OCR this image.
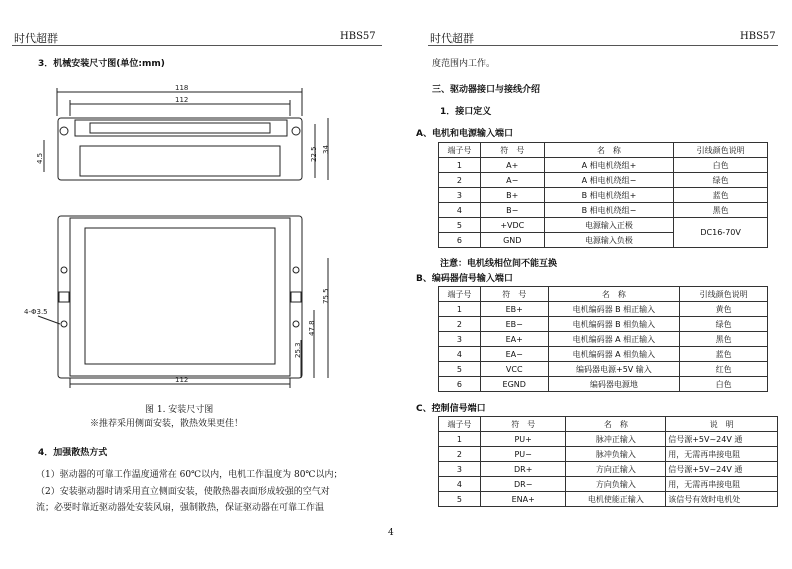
时代超群	HBS57	时代超群	HBS57
3．机械安装尺寸图(单位:mm)
118
112
4.5	22.5 34
75.5
47.8
25.3
112
4-Φ3.5
图 1. 安装尺寸图
※推荐采用侧面安装，散热效果更佳！
4．加强散热方式
（1）驱动器的可靠工作温度通常在 60℃以内，电机工作温度为 80℃以内；
（2）安装驱动器时请采用直立侧面安装，使散热器表面形成较强的空气对
流；必要时靠近驱动器处安装风扇，强制散热，保证驱动器在可靠工作温
4
度范围内工作。
三、驱动器接口与接线介绍
1．接口定义
A、电机和电源输入端口
端子号	符　号	名　称	引线颜色说明
1	A+	A 相电机绕组+	白色
2	A−	A 相电机绕组−	绿色
3	B+	B 相电机绕组+	蓝色
4	B−	B 相电机绕组−	黑色
5	+VDC	电源输入正极	DC16-70V
6	GND	电源输入负极	
注意：电机线相位间不能互换
B、编码器信号输入端口
端子号	符　号	名　称	引线颜色说明
1	EB+	电机编码器 B 相正输入	黄色
2	EB−	电机编码器 B 相负输入	绿色
3	EA+	电机编码器 A 相正输入	黑色
4	EA−	电机编码器 A 相负输入	蓝色
5	VCC	编码器电源+5V 输入	红色
6	EGND	编码器电源地	白色
C、控制信号端口
端子号	符　号	名　称	说　明
1	PU+	脉冲正输入	信号源+5V~24V 通
2	PU−	脉冲负输入	用，无需再串接电阻
3	DR+	方向正输入	信号源+5V~24V 通
4	DR−	方向负输入	用，无需再串接电阻
5	ENA+	电机使能正输入	该信号有效时电机处
